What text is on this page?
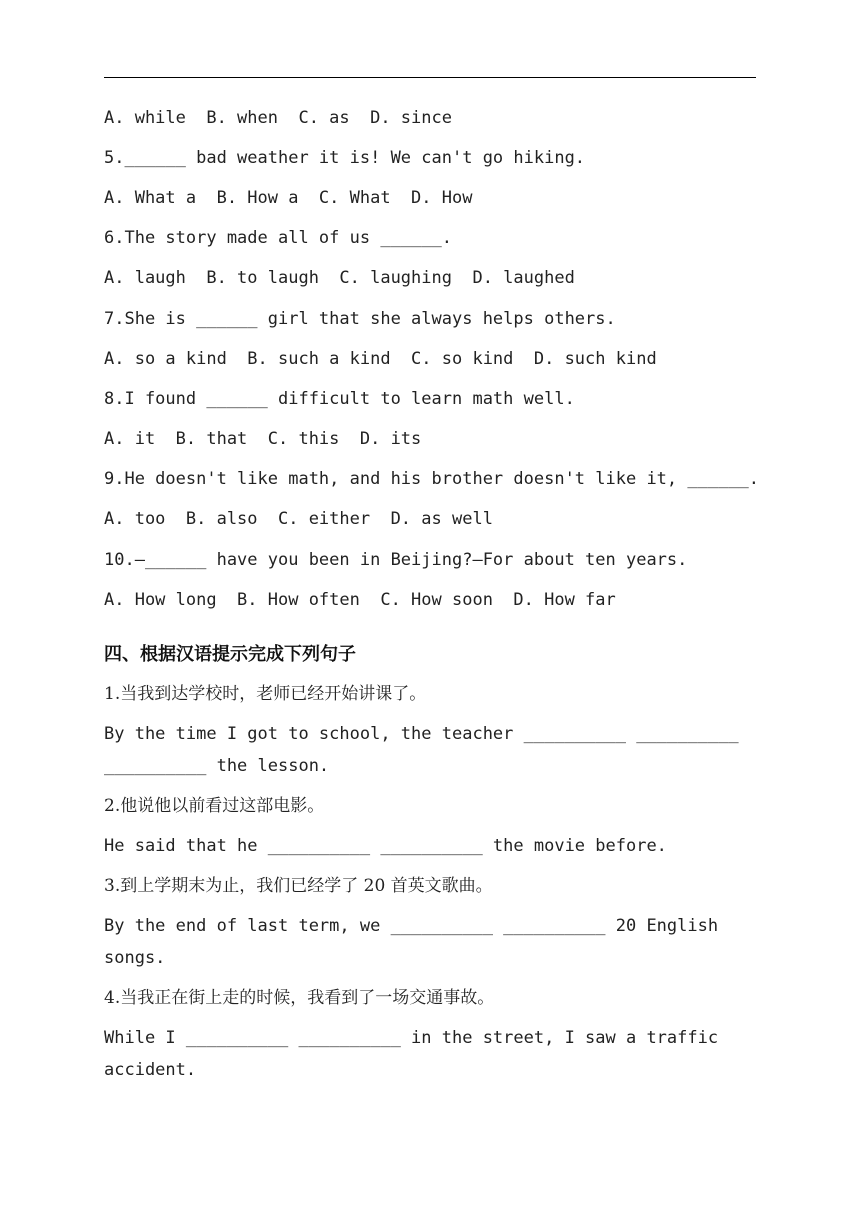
A. while  B. when  C. as  D. since
5.______ bad weather it is! We can't go hiking.
A. What a  B. How a  C. What  D. How
6.The story made all of us ______.
A. laugh  B. to laugh  C. laughing  D. laughed
7.She is ______ girl that she always helps others.
A. so a kind  B. such a kind  C. so kind  D. such kind
8.I found ______ difficult to learn math well.
A. it  B. that  C. this  D. its
9.He doesn't like math, and his brother doesn't like it, ______.
A. too  B. also  C. either  D. as well
10.—______ have you been in Beijing?—For about ten years.
A. How long  B. How often  C. How soon  D. How far
四、根据汉语提示完成下列句子
1.当我到达学校时，老师已经开始讲课了。
By the time I got to school, the teacher __________ __________
__________ the lesson.
2.他说他以前看过这部电影。
He said that he __________ __________ the movie before.
3.到上学期末为止，我们已经学了 20 首英文歌曲。
By the end of last term, we __________ __________ 20 English
songs.
4.当我正在街上走的时候，我看到了一场交通事故。
While I __________ __________ in the street, I saw a traffic
accident.
